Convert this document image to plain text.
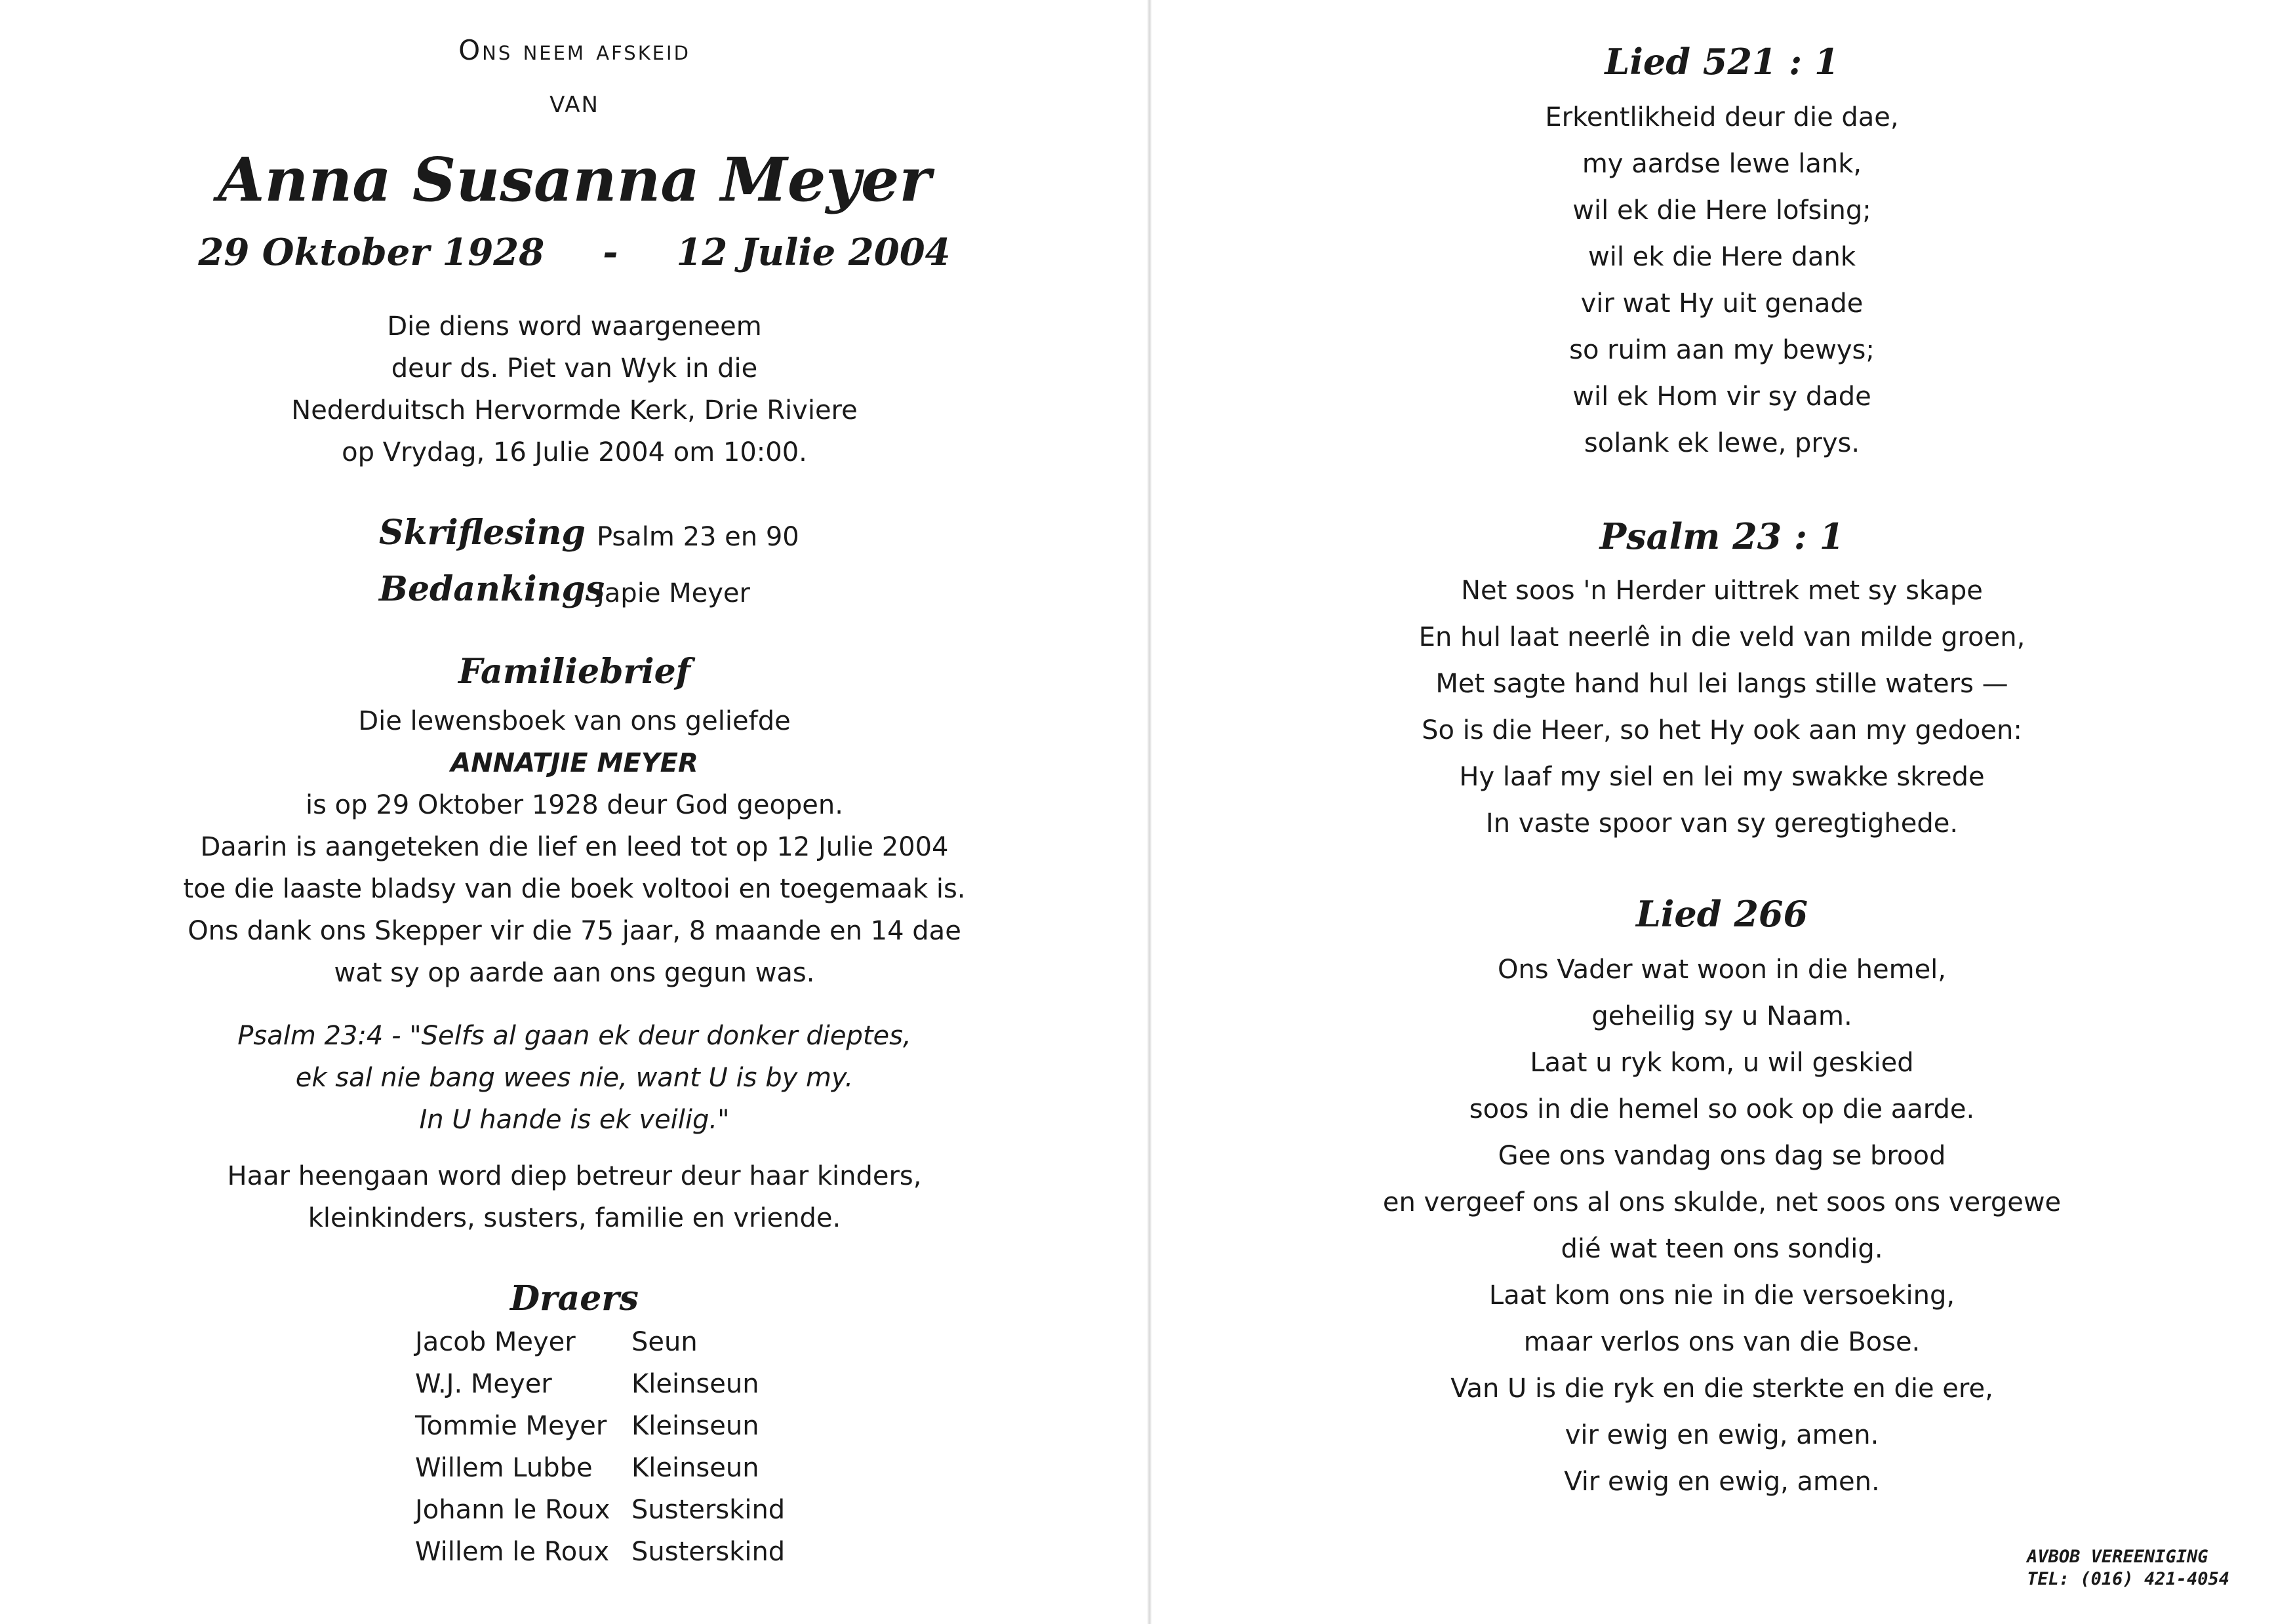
Ons neem afskeid
VAN
Anna Susanna Meyer
29 Oktober 1928 - 12 Julie 2004
Die diens word waargeneem
deur ds. Piet van Wyk in die
Nederduitsch Hervormde Kerk, Drie Riviere
op Vrydag, 16 Julie 2004 om 10:00.
Skriflesing Psalm 23 en 90
Bedankings
Japie Meyer
Familiebrief
Die lewensboek van ons geliefde
ANNATJIE MEYER
is op 29 Oktober 1928 deur God geopen.
Daarin is aangeteken die lief en leed tot op 12 Julie 2004
toe die laaste bladsy van die boek voltooi en toegemaak is.
Ons dank ons Skepper vir die 75 jaar, 8 maande en 14 dae
wat sy op aarde aan ons gegun was.
Psalm 23:4 - "Selfs al gaan ek deur donker dieptes,
ek sal nie bang wees nie, want U is by my.
In U hande is ek veilig."
Haar heengaan word diep betreur deur haar kinders,
kleinkinders, susters, familie en vriende.
Draers
Jacob Meyer Seun
W.J. Meyer	Kleinseun
Tommie Meyer Kleinseun
Willem Lubbe Kleinseun
Johann le Roux Susterskind
Willem le Roux Susterskind
Lied 521 : 1
Erkentlikheid deur die dae,
my aardse lewe lank,
wil ek die Here lofsing;
wil ek die Here dank
vir wat Hy uit genade
so ruim aan my bewys;
wil ek Hom vir sy dade
solank ek lewe, prys.
Psalm 23 : 1
Net soos 'n Herder uittrek met sy skape
En hul laat neerlê in die veld van milde groen,
Met sagte hand hul lei langs stille waters —
So is die Heer, so het Hy ook aan my gedoen:
Hy laaf my siel en lei my swakke skrede
In vaste spoor van sy geregtighede.
Lied 266
Ons Vader wat woon in die hemel,
geheilig sy u Naam.
Laat u ryk kom, u wil geskied
soos in die hemel so ook op die aarde.
Gee ons vandag ons dag se brood
en vergeef ons al ons skulde, net soos ons vergewe
dié wat teen ons sondig.
Laat kom ons nie in die versoeking,
maar verlos ons van die Bose.
Van U is die ryk en die sterkte en die ere,
vir ewig en ewig, amen.
Vir ewig en ewig, amen.
AVBOB VEREENIGING
TEL: (016) 421-4054
